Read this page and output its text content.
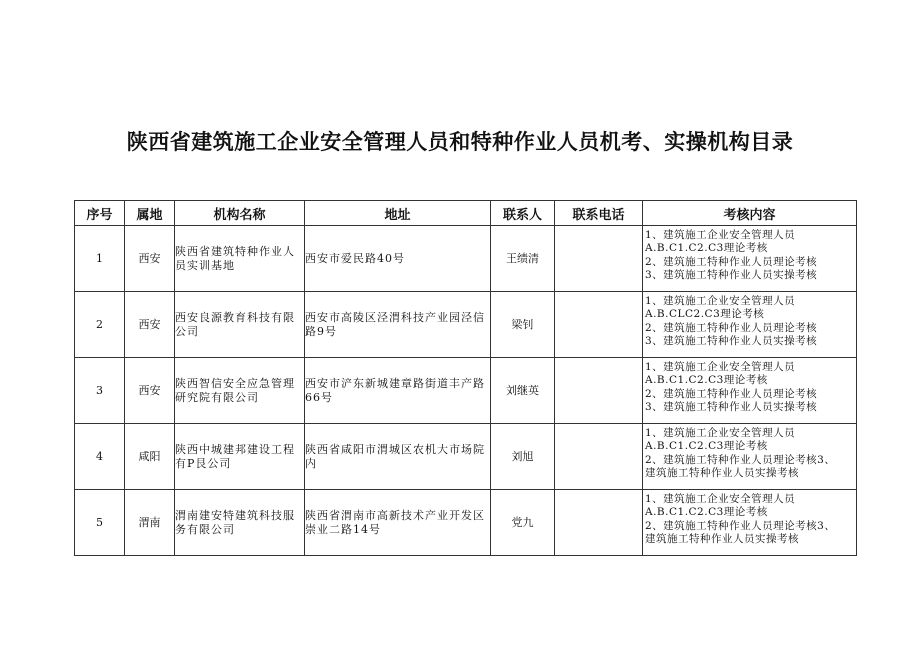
陕西省建筑施工企业安全管理人员和特种作业人员机考、实操机构目录
序号	属地	机构名称	地址	联系人	联系电话	考核内容
1	西安	陕西省建筑特种作业人员实训基地	西安市爱民路40号	王绩清		1、建筑施工企业安全管理人员
A.B.C1.C2.C3理论考核
2、建筑施工特种作业人员理论考核
3、建筑施工特种作业人员实操考核

2	西安	西安良源教育科技有限公司	西安市高陵区泾渭科技产业园泾信路9号	梁钊		1、建筑施工企业安全管理人员
A.B.CLC2.C3理论考核
2、建筑施工特种作业人员理论考核
3、建筑施工特种作业人员实操考核

3	西安	陕西智信安全应急管理研究院有限公司	西安市浐东新城建章路街道丰产路66号	刘继英		1、建筑施工企业安全管理人员
A.B.C1.C2.C3理论考核
2、建筑施工特种作业人员理论考核
3、建筑施工特种作业人员实操考核

4	咸阳	陕西中城建邦建设工程有P艮公司	陕西省咸阳市渭城区农机大市场院内	刘旭		1、建筑施工企业安全管理人员
A.B.C1.C2.C3理论考核
2、建筑施工特种作业人员理论考核3、
建筑施工特种作业人员实操考核

5	渭南	渭南建安特建筑科技服务有限公司	陕西省渭南市高新技术产业开发区崇业二路14号	党九		1、建筑施工企业安全管理人员
A.B.C1.C2.C3理论考核
2、建筑施工特种作业人员理论考核3、
建筑施工特种作业人员实操考核
